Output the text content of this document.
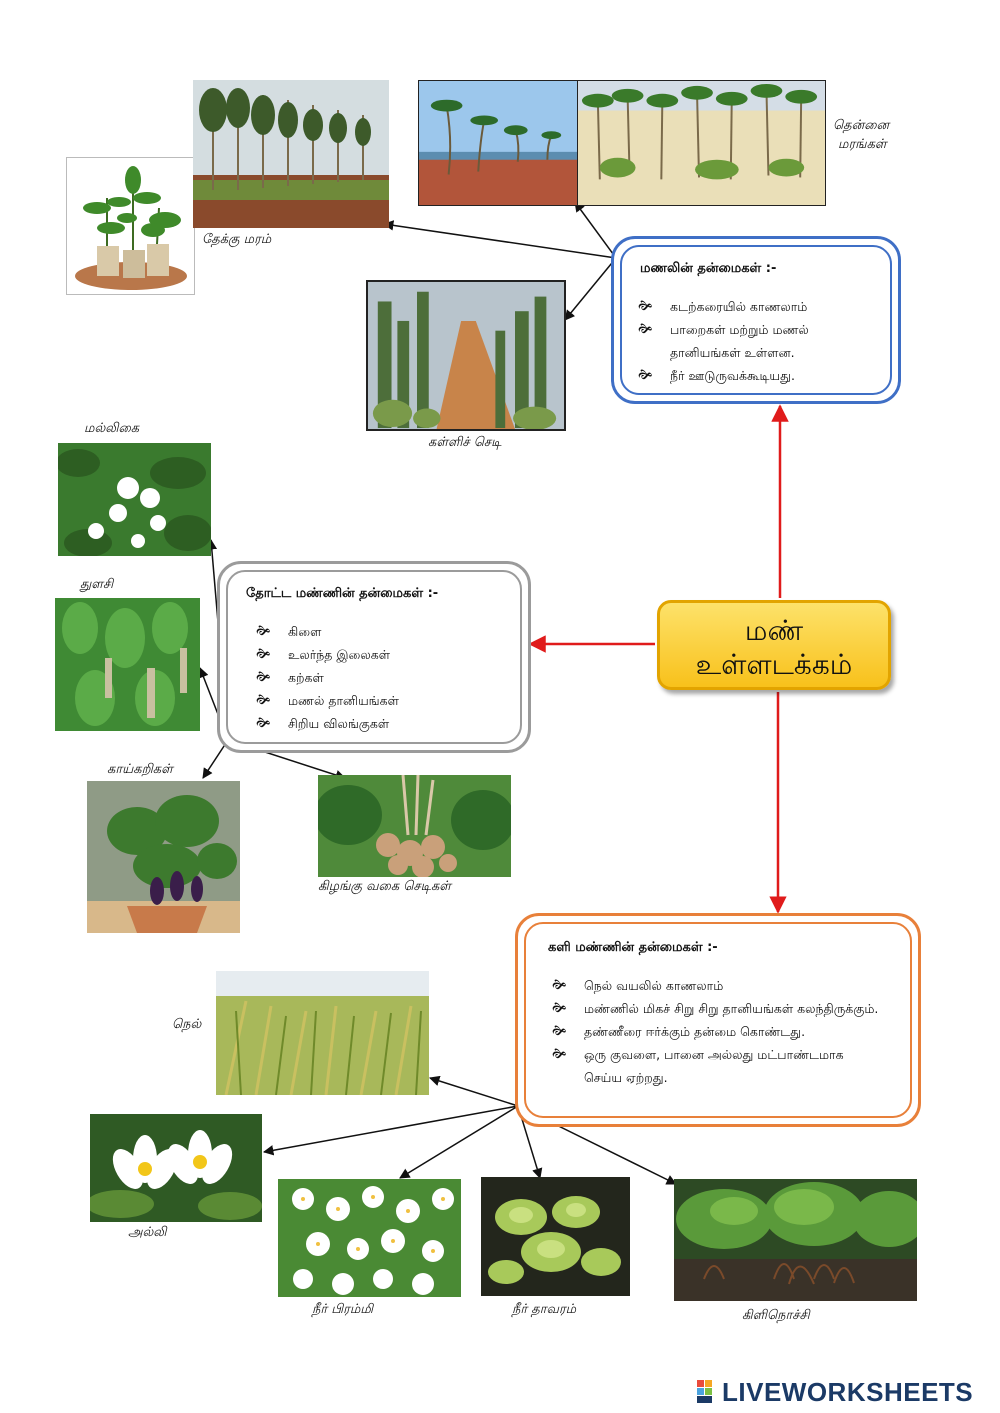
தேக்கு மரம்
தென்னை
மரங்கள்
கள்ளிச் செடி
மல்லிகை
துளசி
காய்கறிகள்
கிழங்கு வகை செடிகள்
நெல்
அல்லி
நீர் பிரம்மி	நீர் தாவரம்	கிளிநொச்சி
மணலின் தன்மைகள் :-
🙞 கடற்கரையில் காணலாம்
🙞 பாறைகள் மற்றும் மணல் தானியங்கள் உள்ளன.
🙞 நீர் ஊடுருவக்கூடியது.
தோட்ட மண்ணின் தன்மைகள் :-
🙞 கிளை
🙞 உலர்ந்த இலைகள்
🙞 கற்கள்
🙞 மணல் தானியங்கள்
🙞 சிறிய விலங்குகள்
களி மண்ணின் தன்மைகள் :-
🙞 நெல் வயலில் காணலாம்
🙞 மண்ணில் மிகச் சிறு சிறு தானியங்கள் கலந்திருக்கும்.
🙞 தண்ணீரை ஈர்க்கும் தன்மை கொண்டது.
🙞 ஒரு குவளை, பானை அல்லது மட்பாண்டமாக செய்ய ஏற்றது.
மண்
உள்ளடக்கம்
LIVEWORKSHEETS
